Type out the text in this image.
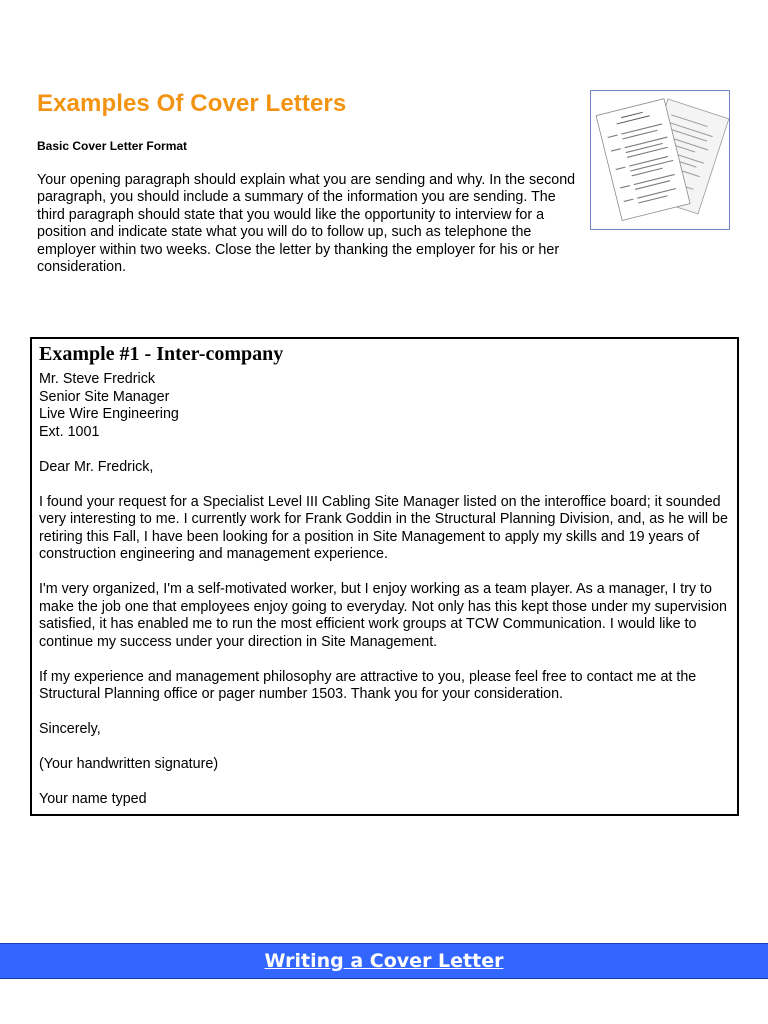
Examples Of Cover Letters
Basic Cover Letter Format
Your opening paragraph should explain what you are sending and why. In the second paragraph, you should include a summary of the information you are sending. The third paragraph should state that you would like the opportunity to interview for a position and indicate state what you will do to follow up, such as telephone the employer within two weeks. Close the letter by thanking the employer for his or her consideration.
Example #1 - Inter-company

Mr. Steve Fredrick
Senior Site Manager
Live Wire Engineering
Ext. 1001

Dear Mr. Fredrick,

I found your request for a Specialist Level III Cabling Site Manager listed on the interoffice board; it sounded very interesting to me. I currently work for Frank Goddin in the Structural Planning Division, and, as he will be retiring this Fall, I have been looking for a position in Site Management to apply my skills and 19 years of construction engineering and management experience.

I'm very organized, I'm a self-motivated worker, but I enjoy working as a team player. As a manager, I try to make the job one that employees enjoy going to everyday. Not only has this kept those under my supervision satisfied, it has enabled me to run the most efficient work groups at TCW Communication. I would like to continue my success under your direction in Site Management.

If my experience and management philosophy are attractive to you, please feel free to contact me at the Structural Planning office or pager number 1503. Thank you for your consideration.

Sincerely,

(Your handwritten signature)

Your name typed

Writing a Cover Letter
